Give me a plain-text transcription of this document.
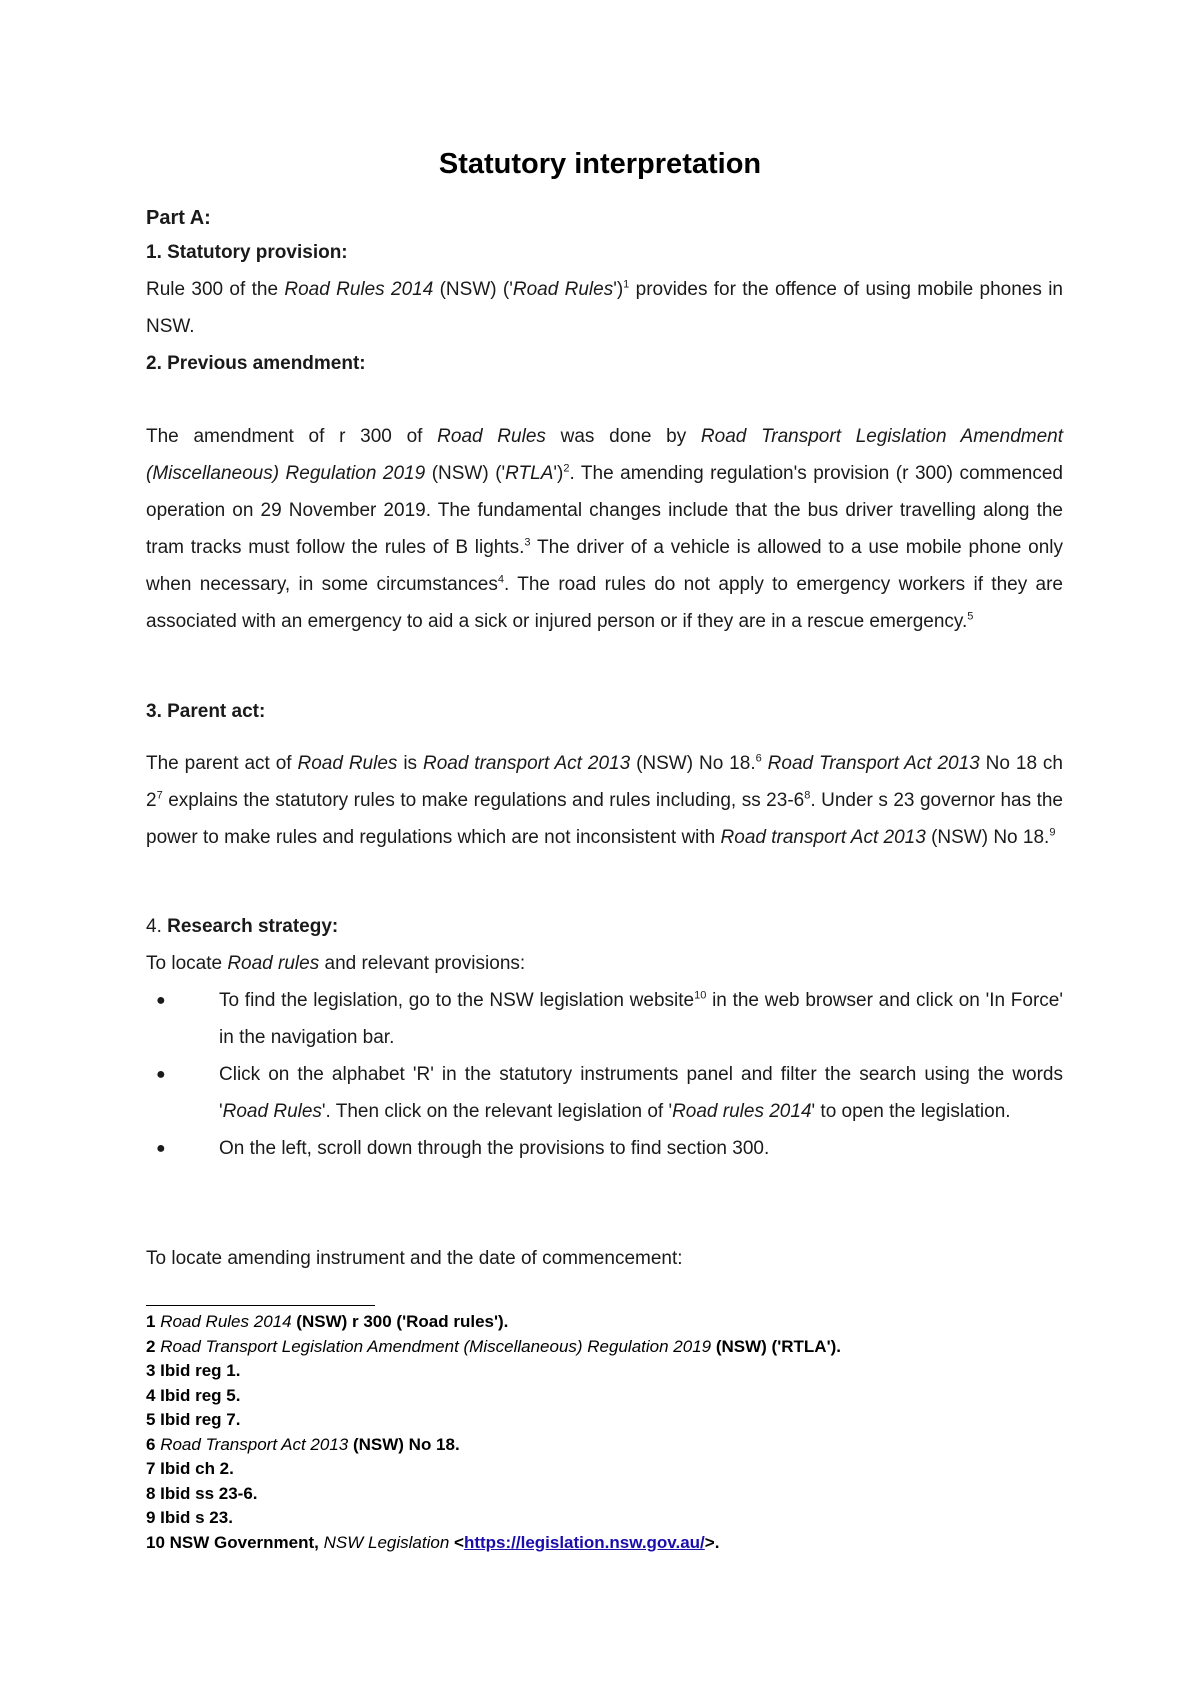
Statutory interpretation

Part A:

1. Statutory provision:

Rule 300 of the Road Rules 2014 (NSW) ('Road Rules')$^1$ provides for the offence of using mobile phones in NSW.

2. Previous amendment:

The amendment of r 300 of Road Rules was done by Road Transport Legislation Amendment (Miscellaneous) Regulation 2019 (NSW) ('RTLA')$^2$. The amending regulation's provision (r 300) commenced operation on 29 November 2019. The fundamental changes include that the bus driver travelling along the tram tracks must follow the rules of B lights.$^3$ The driver of a vehicle is allowed to a use mobile phone only when necessary, in some circumstances$^4$. The road rules do not apply to emergency workers if they are associated with an emergency to aid a sick or injured person or if they are in a rescue emergency.$^5$

3. Parent act:

The parent act of Road Rules is Road transport Act 2013 (NSW) No 18.$^6$ Road Transport Act 2013 No 18 ch $2^7$ explains the statutory rules to make regulations and rules including, ss $23-6^8$. Under s 23 governor has the power to make rules and regulations which are not inconsistent with Road transport Act 2013 (NSW) No 18.$^9$

4. Research strategy:

To locate Road rules and relevant provisions:

●	To find the legislation, go to the NSW legislation website$^{10}$ in the web browser and click on 'In Force' in the navigation bar.
●	Click on the alphabet 'R' in the statutory instruments panel and filter the search using the words 'Road Rules'. Then click on the relevant legislation of 'Road rules 2014' to open the legislation.
●	On the left, scroll down through the provisions to find section 300.

To locate amending instrument and the date of commencement:

1 Road Rules 2014 (NSW) r 300 ('Road rules').

2 Road Transport Legislation Amendment (Miscellaneous) Regulation 2019 (NSW) ('RTLA').

3 Ibid reg 1.

4 Ibid reg 5.

5 Ibid reg 7.

6 Road Transport Act 2013 (NSW) No 18.

7 Ibid ch 2.

8 Ibid ss 23-6.

9 Ibid s 23.

10 NSW Government, NSW Legislation <https://legislation.nsw.gov.au/>.
